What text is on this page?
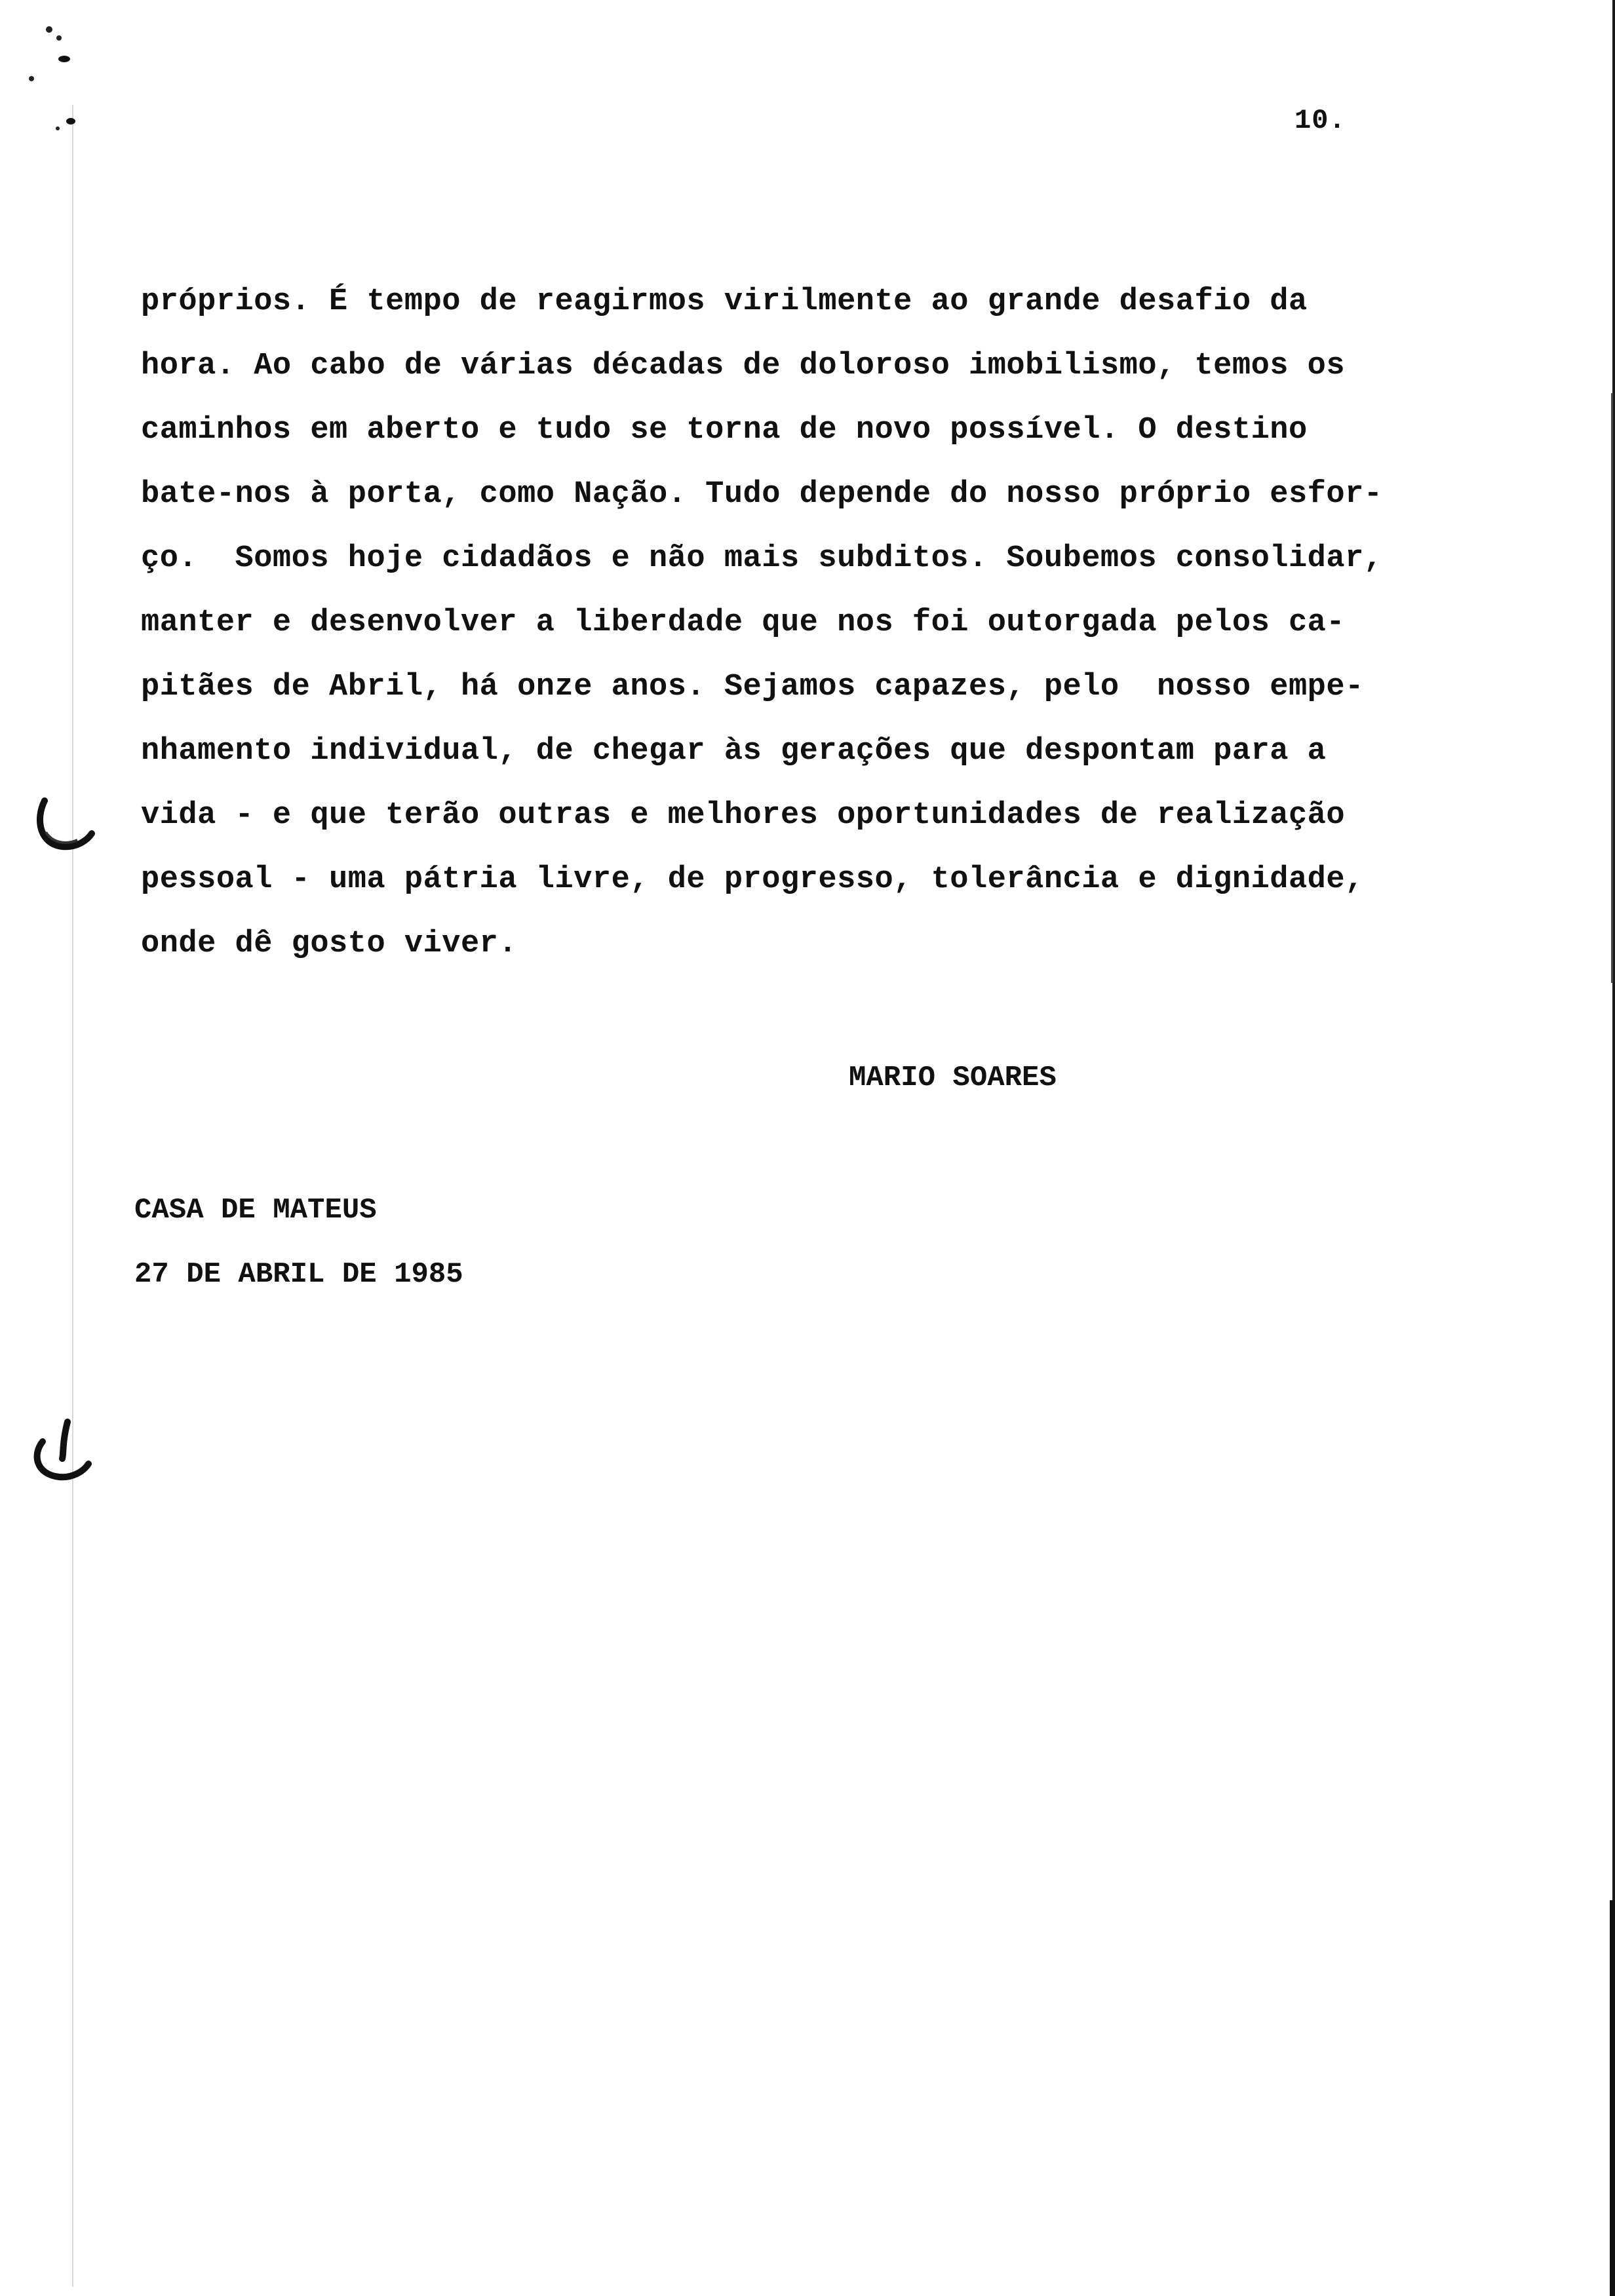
10.
próprios. É tempo de reagirmos virilmente ao grande desafio da
hora. Ao cabo de várias décadas de doloroso imobilismo, temos os
caminhos em aberto e tudo se torna de novo possível. O destino
bate-nos à porta, como Nação. Tudo depende do nosso próprio esfor-
ço.  Somos hoje cidadãos e não mais subditos. Soubemos consolidar,
manter e desenvolver a liberdade que nos foi outorgada pelos ca-
pitães de Abril, há onze anos. Sejamos capazes, pelo  nosso empe-
nhamento individual, de chegar às gerações que despontam para a
vida - e que terão outras e melhores oportunidades de realização
pessoal - uma pátria livre, de progresso, tolerância e dignidade,
onde dê gosto viver.
MARIO SOARES
CASA DE MATEUS
27 DE ABRIL DE 1985
